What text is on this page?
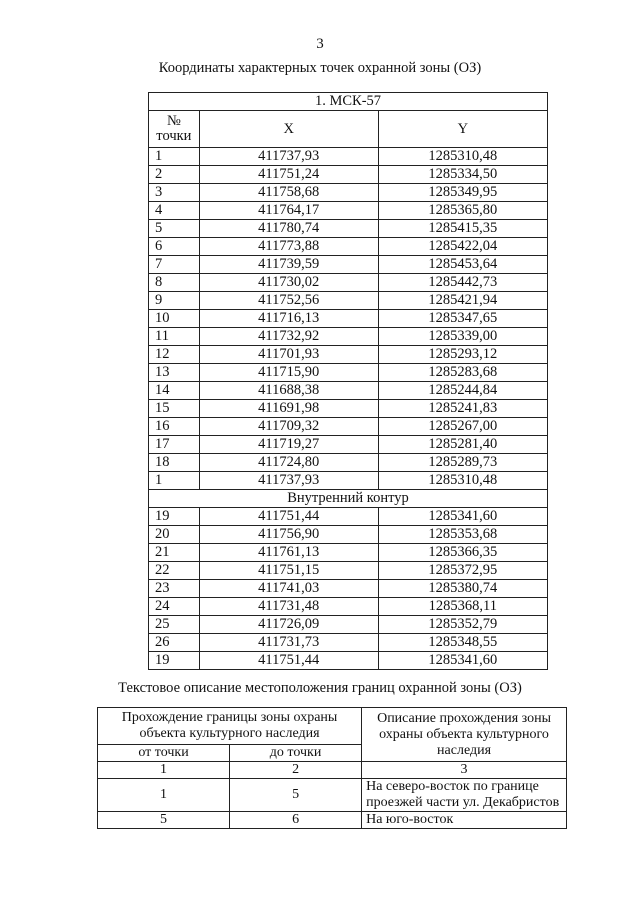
3
Координаты характерных точек охранной зоны (ОЗ)
1. МСК-57		
№ точки	X	Y
1	411737,93	1285310,48
2	411751,24	1285334,50
3	411758,68	1285349,95
4	411764,17	1285365,80
5	411780,74	1285415,35
6	411773,88	1285422,04
7	411739,59	1285453,64
8	411730,02	1285442,73
9	411752,56	1285421,94
10	411716,13	1285347,65
11	411732,92	1285339,00
12	411701,93	1285293,12
13	411715,90	1285283,68
14	411688,38	1285244,84
15	411691,98	1285241,83
16	411709,32	1285267,00
17	411719,27	1285281,40
18	411724,80	1285289,73
1	411737,93	1285310,48
Внутренний контур		
19	411751,44	1285341,60
20	411756,90	1285353,68
21	411761,13	1285366,35
22	411751,15	1285372,95
23	411741,03	1285380,74
24	411731,48	1285368,11
25	411726,09	1285352,79
26	411731,73	1285348,55
19	411751,44	1285341,60
Текстовое описание местоположения границ охранной зоны (ОЗ)
Прохождение границы зоны охраны объекта культурного наследия		Описание прохождения зоны охраны объекта культурного наследия
от точки	до точки	
1	2	3
1	5	На северо-восток по границе проезжей части ул. Декабристов
5	6	На юго-восток
